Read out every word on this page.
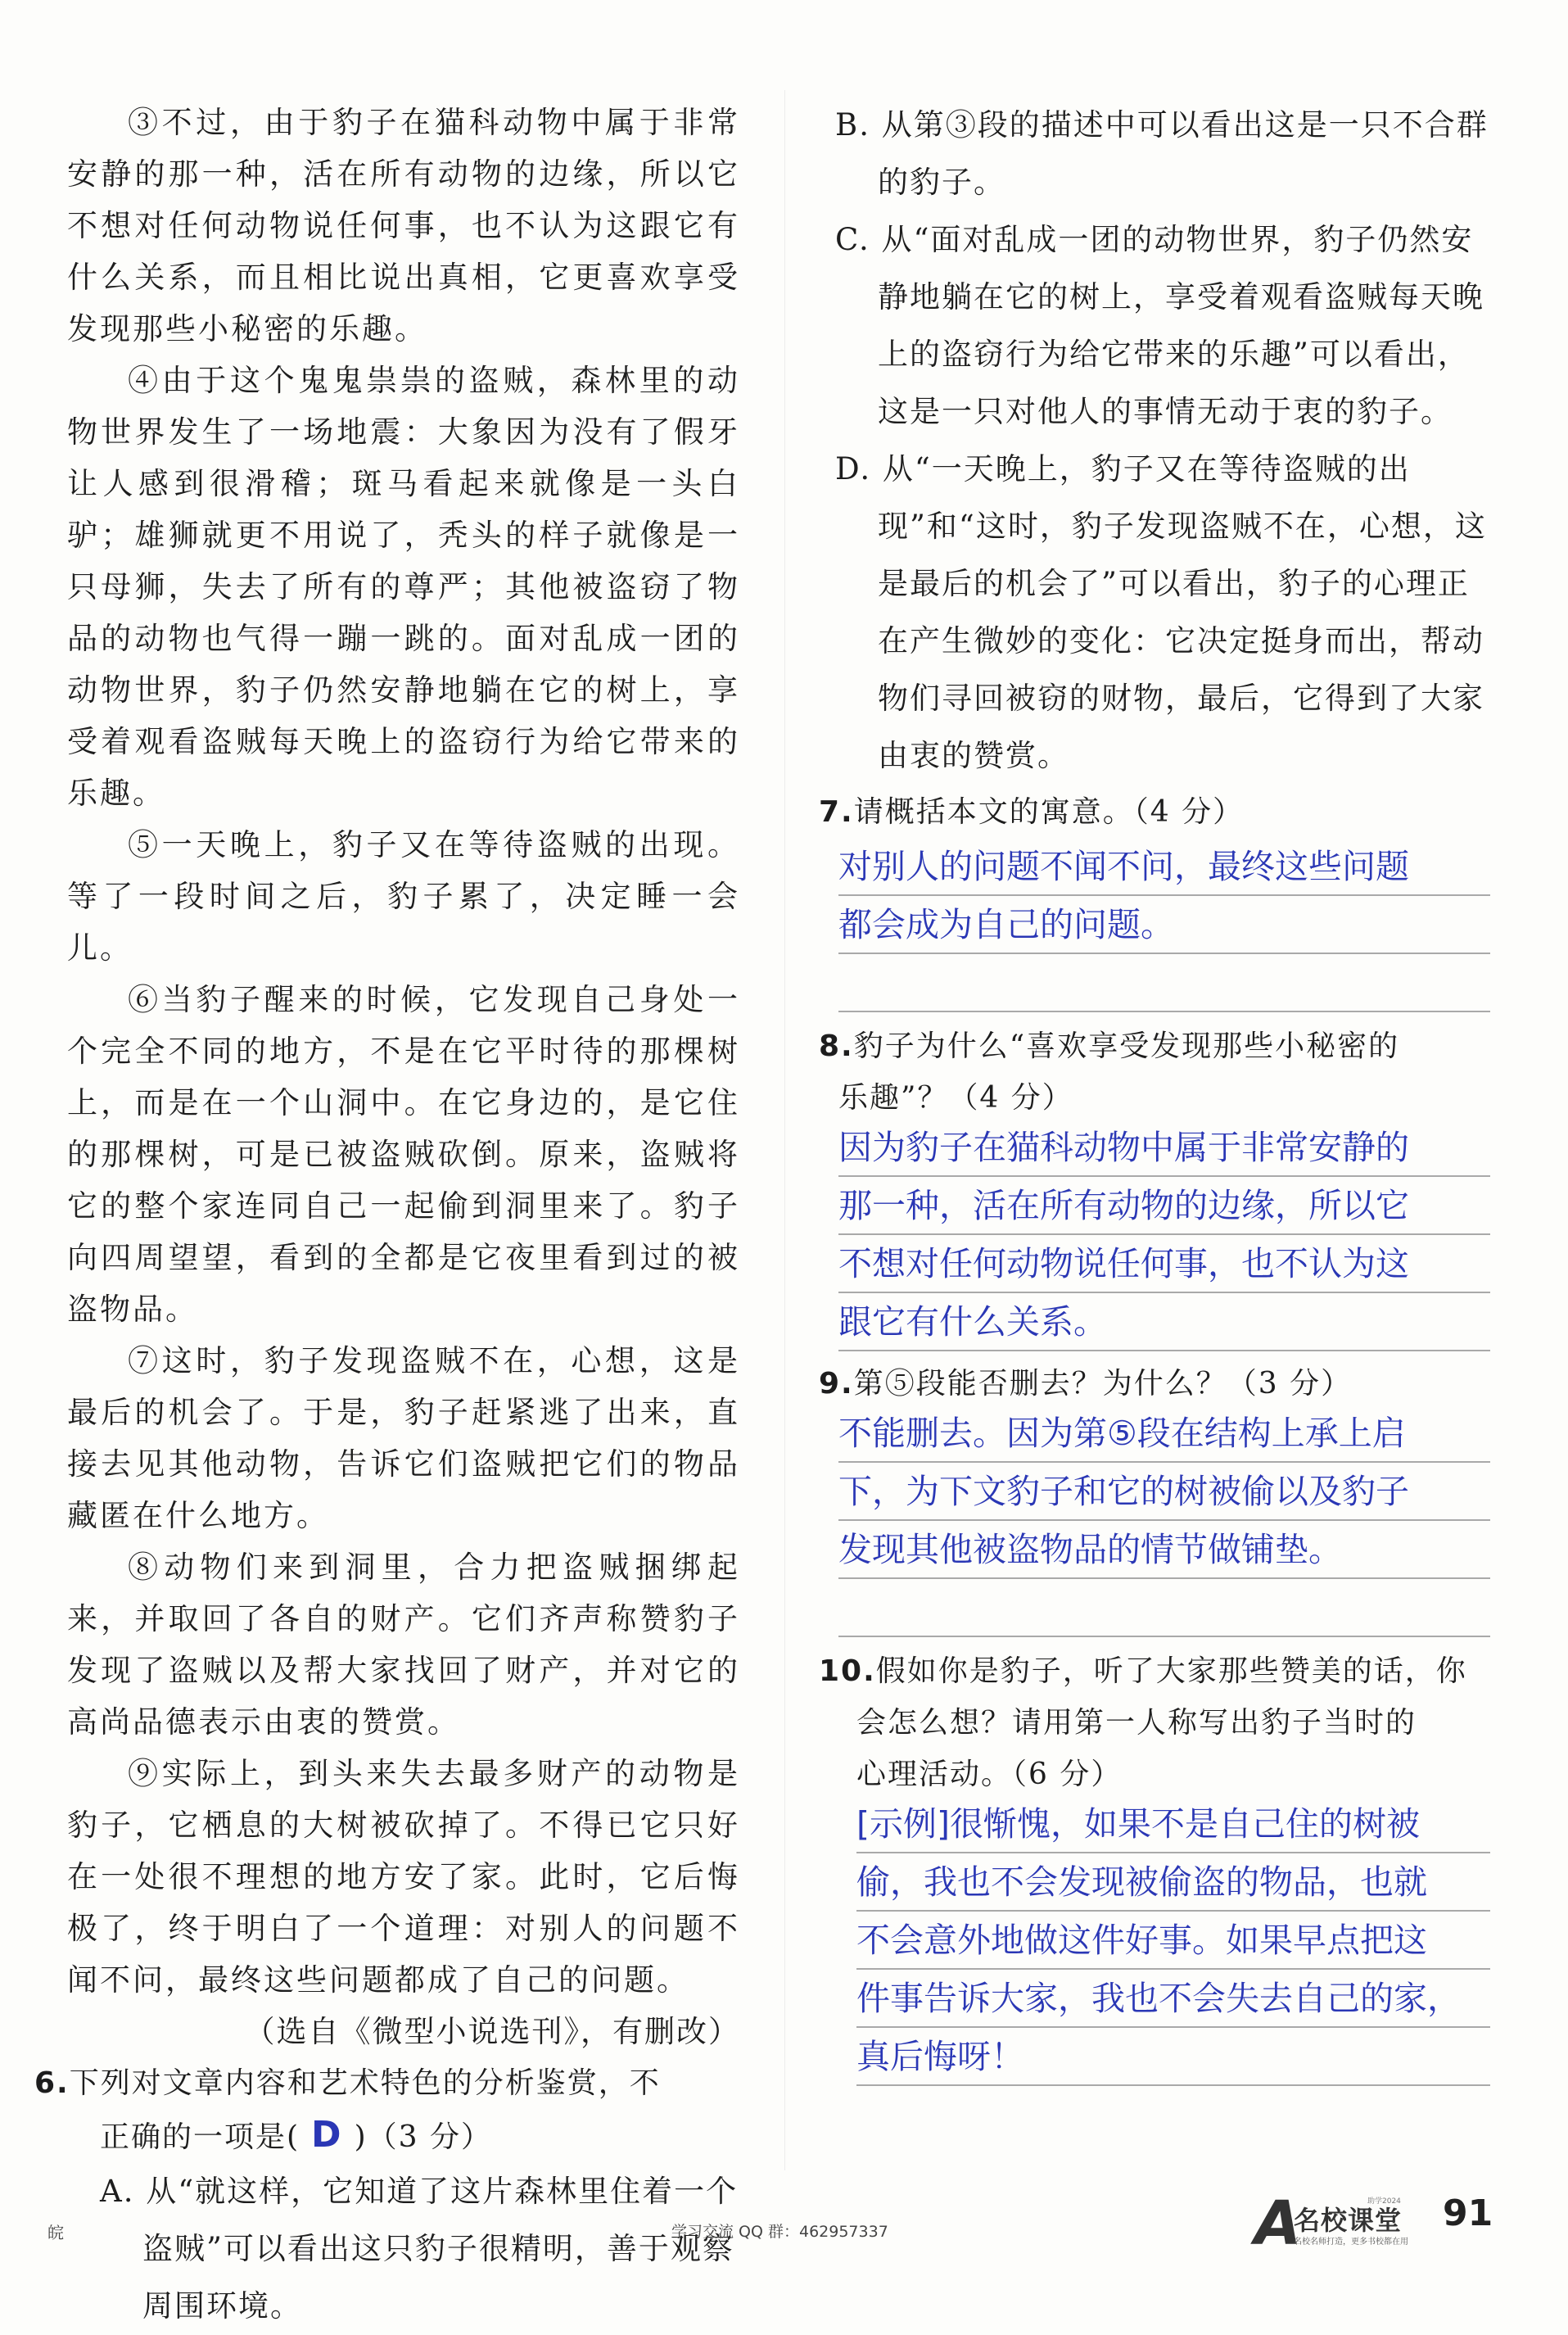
③不过，由于豹子在猫科动物中属于非常安静的那一种，活在所有动物的边缘，所以它不想对任何动物说任何事，也不认为这跟它有什么关系，而且相比说出真相，它更喜欢享受发现那些小秘密的乐趣。

④由于这个鬼鬼祟祟的盗贼，森林里的动物世界发生了一场地震：大象因为没有了假牙让人感到很滑稽；斑马看起来就像是一头白驴；雄狮就更不用说了，秃头的样子就像是一只母狮，失去了所有的尊严；其他被盗窃了物品的动物也气得一蹦一跳的。面对乱成一团的动物世界，豹子仍然安静地躺在它的树上，享受着观看盗贼每天晚上的盗窃行为给它带来的乐趣。

⑤一天晚上，豹子又在等待盗贼的出现。等了一段时间之后，豹子累了，决定睡一会儿。

⑥当豹子醒来的时候，它发现自己身处一个完全不同的地方，不是在它平时待的那棵树上，而是在一个山洞中。在它身边的，是它住的那棵树，可是已被盗贼砍倒。原来，盗贼将它的整个家连同自己一起偷到洞里来了。豹子向四周望望，看到的全都是它夜里看到过的被盗物品。

⑦这时，豹子发现盗贼不在，心想，这是最后的机会了。于是，豹子赶紧逃了出来，直接去见其他动物，告诉它们盗贼把它们的物品藏匿在什么地方。

⑧动物们来到洞里，合力把盗贼捆绑起来，并取回了各自的财产。它们齐声称赞豹子发现了盗贼以及帮大家找回了财产，并对它的高尚品德表示由衷的赞赏。

⑨实际上，到头来失去最多财产的动物是豹子，它栖息的大树被砍掉了。不得已它只好在一处很不理想的地方安了家。此时，它后悔极了，终于明白了一个道理：对别人的问题不闻不问，最终这些问题都成了自己的问题。

（选自《微型小说选刊》，有删改）

6.下列对文章内容和艺术特色的分析鉴赏，不
正确的一项是( D )（3 分）

A. 从“就这样，它知道了这片森林里住着一个盗贼”可以看出这只豹子很精明，善于观察周围环境。

B. 从第③段的描述中可以看出这是一只不合群的豹子。

C. 从“面对乱成一团的动物世界，豹子仍然安静地躺在它的树上，享受着观看盗贼每天晚上的盗窃行为给它带来的乐趣”可以看出，这是一只对他人的事情无动于衷的豹子。

D. 从“一天晚上，豹子又在等待盗贼的出现”和“这时，豹子发现盗贼不在，心想，这是最后的机会了”可以看出，豹子的心理正在产生微妙的变化：它决定挺身而出，帮动物们寻回被窃的财物，最后，它得到了大家由衷的赞赏。

7.请概括本文的寓意。（4 分）
对别人的问题不闻不问，最终这些问题
都会成为自己的问题。
8.豹子为什么“喜欢享受发现那些小秘密的
乐趣”？（4 分）
因为豹子在猫科动物中属于非常安静的
那一种，活在所有动物的边缘，所以它
不想对任何动物说任何事，也不认为这
跟它有什么关系。
9.第⑤段能否删去？为什么？（3 分）
不能删去。因为第⑤段在结构上承上启
下，为下文豹子和它的树被偷以及豹子
发现其他被盗物品的情节做铺垫。
10.假如你是豹子，听了大家那些赞美的话，你
会怎么想？请用第一人称写出豹子当时的
心理活动。（6 分）
[示例]很惭愧，如果不是自己住的树被
偷，我也不会发现被偷盗的物品，也就
不会意外地做这件好事。如果早点把这
件事告诉大家，我也不会失去自己的家，
真后悔呀！
皖	学习交流 QQ 群：462957337	A	助学2024
名校课堂
名校名师打造，更多书校都在用
91
